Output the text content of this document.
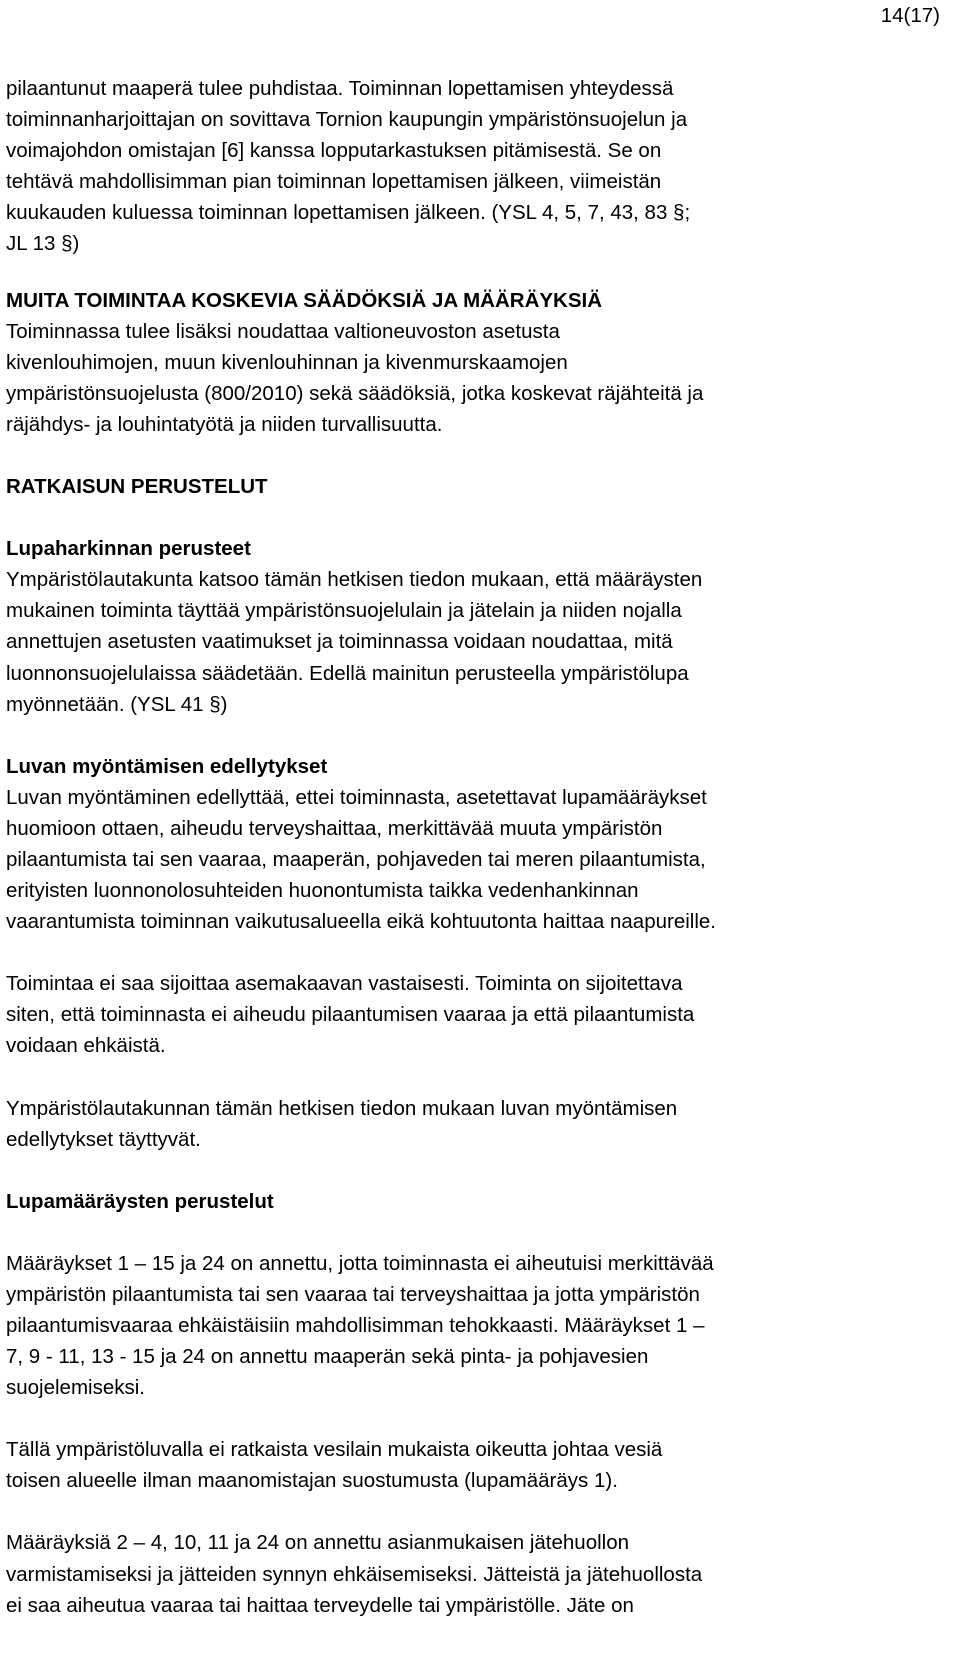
14(17)

pilaantunut maaperä tulee puhdistaa. Toiminnan lopettamisen yhteydessä

toiminnanharjoittajan on sovittava Tornion kaupungin ympäristönsuojelun ja

voimajohdon omistajan [6] kanssa lopputarkastuksen pitämisestä. Se on

tehtävä mahdollisimman pian toiminnan lopettamisen jälkeen, viimeistän

kuukauden kuluessa toiminnan lopettamisen jälkeen. (YSL 4, 5, 7, 43, 83 §;

JL 13 §)

MUITA TOIMINTAA KOSKEVIA SÄÄDÖKSIÄ JA MÄÄRÄYKSIÄ

Toiminnassa tulee lisäksi noudattaa valtioneuvoston asetusta

kivenlouhimojen, muun kivenlouhinnan ja kivenmurskaamojen

ympäristönsuojelusta (800/2010) sekä säädöksiä, jotka koskevat räjähteitä ja

räjähdys- ja louhintatyötä ja niiden turvallisuutta.

RATKAISUN PERUSTELUT

Lupaharkinnan perusteet

Ympäristölautakunta katsoo tämän hetkisen tiedon mukaan, että määräysten

mukainen toiminta täyttää ympäristönsuojelulain ja jätelain ja niiden nojalla

annettujen asetusten vaatimukset ja toiminnassa voidaan noudattaa, mitä

luonnonsuojelulaissa säädetään. Edellä mainitun perusteella ympäristölupa

myönnetään. (YSL 41 §)

Luvan myöntämisen edellytykset

Luvan myöntäminen edellyttää, ettei toiminnasta, asetettavat lupamääräykset

huomioon ottaen, aiheudu terveyshaittaa, merkittävää muuta ympäristön

pilaantumista tai sen vaaraa, maaperän, pohjaveden tai meren pilaantumista,

erityisten luonnonolosuhteiden huonontumista taikka vedenhankinnan

vaarantumista toiminnan vaikutusalueella eikä kohtuutonta haittaa naapureille.

Toimintaa ei saa sijoittaa asemakaavan vastaisesti. Toiminta on sijoitettava

siten, että toiminnasta ei aiheudu pilaantumisen vaaraa ja että pilaantumista

voidaan ehkäistä.

Ympäristölautakunnan tämän hetkisen tiedon mukaan luvan myöntämisen

edellytykset täyttyvät.

Lupamääräysten perustelut

Määräykset 1 – 15 ja 24 on annettu, jotta toiminnasta ei aiheutuisi merkittävää

ympäristön pilaantumista tai sen vaaraa tai terveyshaittaa ja jotta ympäristön

pilaantumisvaaraa ehkäistäisiin mahdollisimman tehokkaasti. Määräykset 1 –

7, 9 - 11, 13 - 15 ja 24 on annettu maaperän sekä pinta- ja pohjavesien

suojelemiseksi.

Tällä ympäristöluvalla ei ratkaista vesilain mukaista oikeutta johtaa vesiä

toisen alueelle ilman maanomistajan suostumusta (lupamääräys 1).

Määräyksiä 2 – 4, 10, 11 ja 24 on annettu asianmukaisen jätehuollon

varmistamiseksi ja jätteiden synnyn ehkäisemiseksi. Jätteistä ja jätehuollosta

ei saa aiheutua vaaraa tai haittaa terveydelle tai ympäristölle. Jäte on
